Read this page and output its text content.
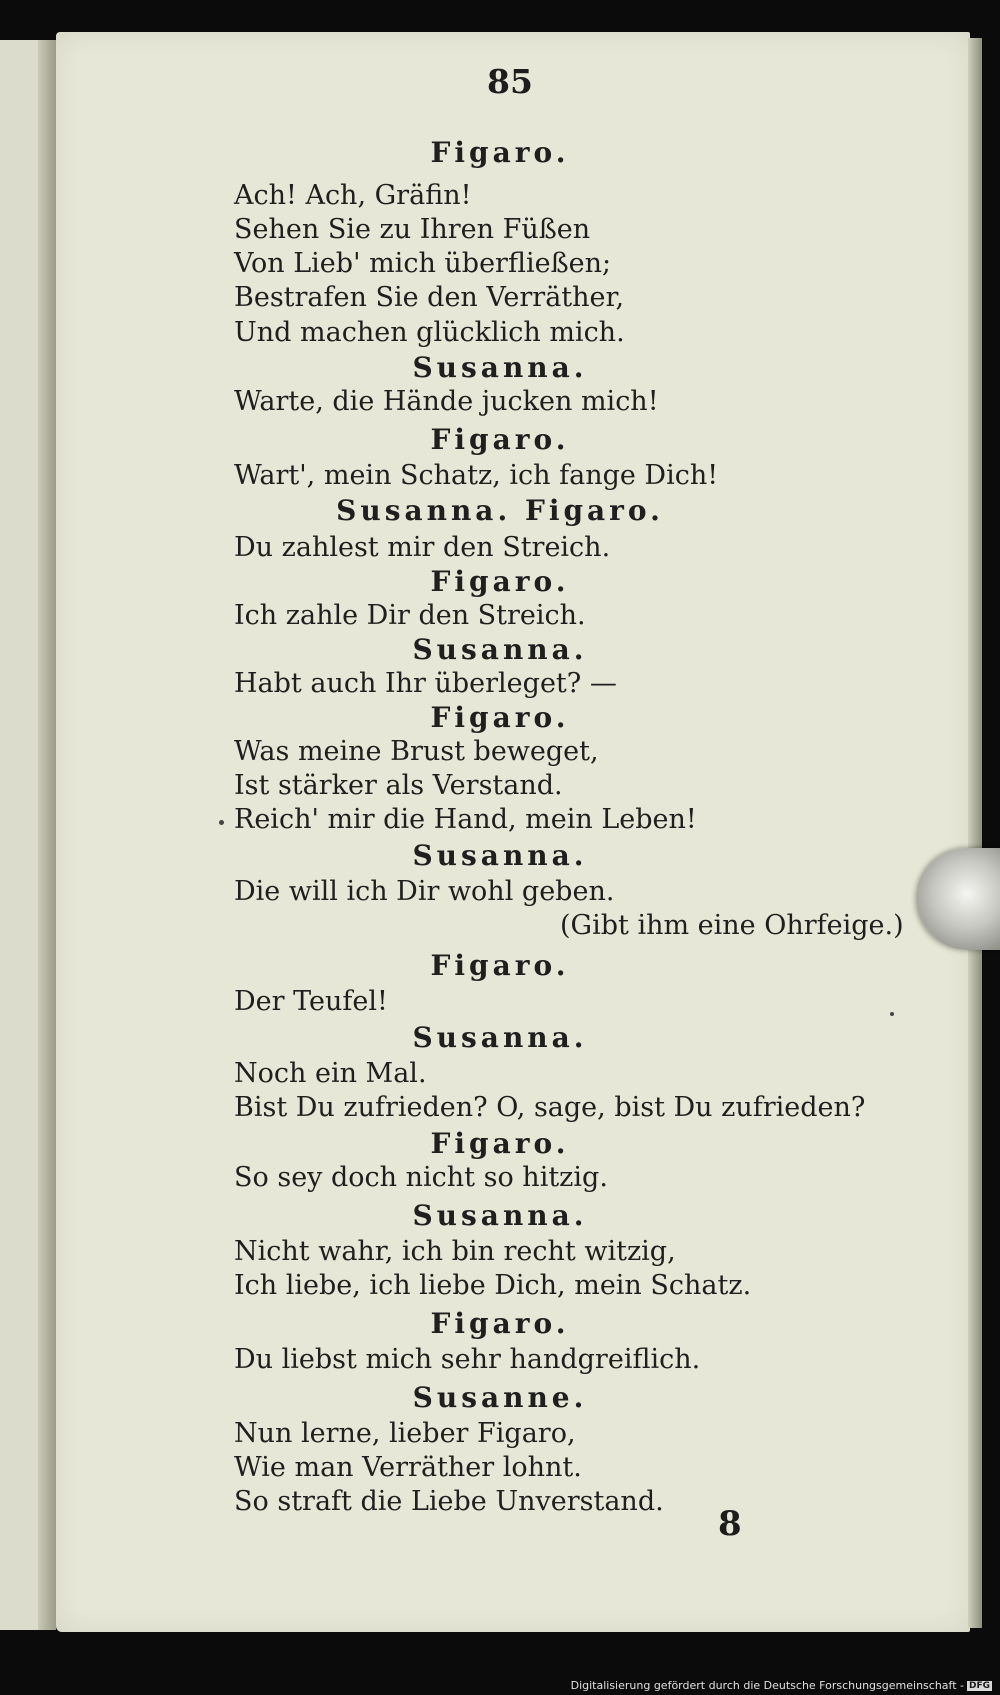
85
Figaro.
Ach! Ach, Gräfin!
Sehen Sie zu Ihren Füßen
Von Lieb' mich überfließen;
Bestrafen Sie den Verräther,
Und machen glücklich mich.
Susanna.
Warte, die Hände jucken mich!
Figaro.
Wart', mein Schatz, ich fange Dich!
Susanna. Figaro.
Du zahlest mir den Streich.
Figaro.
Ich zahle Dir den Streich.
Susanna.
Habt auch Ihr überleget? —
Figaro.
Was meine Brust beweget,
Ist stärker als Verstand.
Reich' mir die Hand, mein Leben!
Susanna.
Die will ich Dir wohl geben.
(Gibt ihm eine Ohrfeige.)
Figaro.
Der Teufel!
Susanna.
Noch ein Mal.
Bist Du zufrieden? O, sage, bist Du zufrieden?
Figaro.
So sey doch nicht so hitzig.
Susanna.
Nicht wahr, ich bin recht witzig,
Ich liebe, ich liebe Dich, mein Schatz.
Figaro.
Du liebst mich sehr handgreiflich.
Susanne.
Nun lerne, lieber Figaro,
Wie man Verräther lohnt.
So straft die Liebe Unverstand.
8
Digitalisierung gefördert durch die Deutsche Forschungsgemeinschaft - DFG
